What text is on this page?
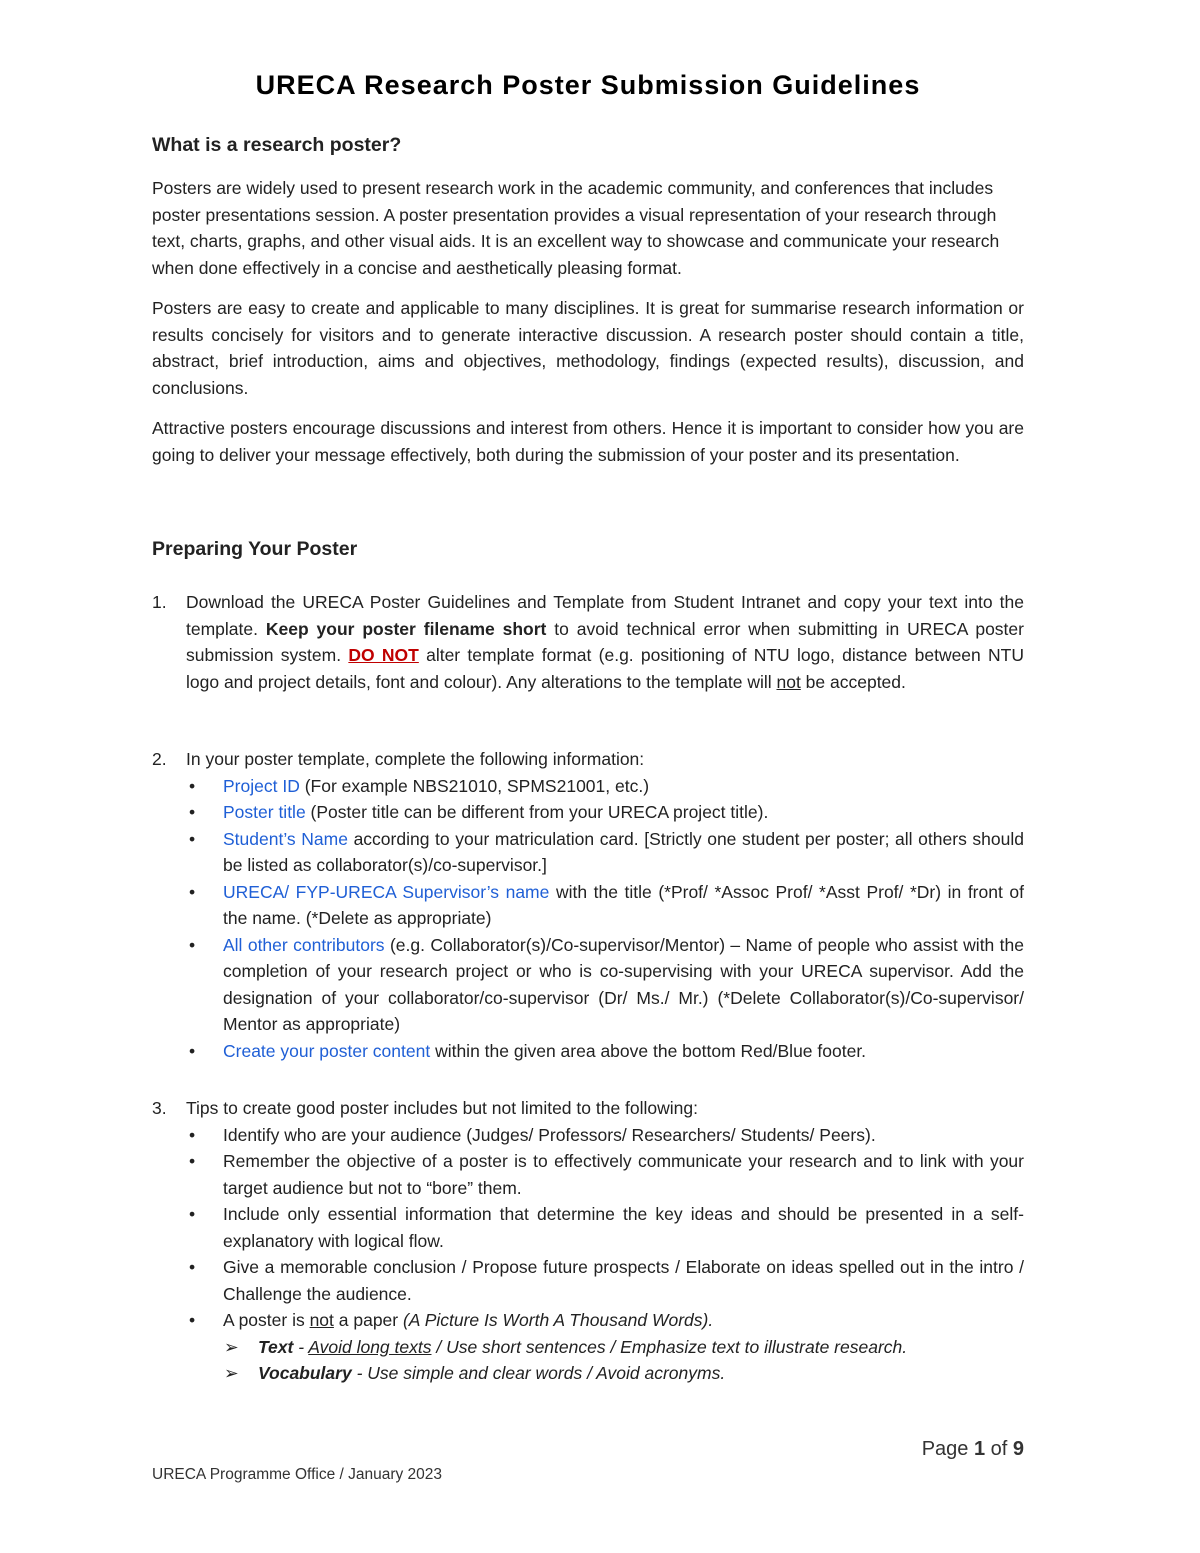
URECA Research Poster Submission Guidelines
What is a research poster?
Posters are widely used to present research work in the academic community, and conferences that includes poster presentations session. A poster presentation provides a visual representation of your research through text, charts, graphs, and other visual aids. It is an excellent way to showcase and communicate your research when done effectively in a concise and aesthetically pleasing format.
Posters are easy to create and applicable to many disciplines. It is great for summarise research information or results concisely for visitors and to generate interactive discussion. A research poster should contain a title, abstract, brief introduction, aims and objectives, methodology, findings (expected results), discussion, and conclusions.
Attractive posters encourage discussions and interest from others. Hence it is important to consider how you are going to deliver your message effectively, both during the submission of your poster and its presentation.
Preparing Your Poster
1.	Download the URECA Poster Guidelines and Template from Student Intranet and copy your text into the template. Keep your poster filename short to avoid technical error when submitting in URECA poster submission system. DO NOT alter template format (e.g. positioning of NTU logo, distance between NTU logo and project details, font and colour). Any alterations to the template will not be accepted.
2.	In your poster template, complete the following information:
• Project ID (For example NBS21010, SPMS21001, etc.)
• Poster title (Poster title can be different from your URECA project title).
• Student’s Name according to your matriculation card. [Strictly one student per poster; all others should be listed as collaborator(s)/co-supervisor.]
• URECA/ FYP-URECA Supervisor’s name with the title (*Prof/ *Assoc Prof/ *Asst Prof/ *Dr) in front of the name. (*Delete as appropriate)
• All other contributors (e.g. Collaborator(s)/Co-supervisor/Mentor) – Name of people who assist with the completion of your research project or who is co-supervising with your URECA supervisor. Add the designation of your collaborator/co-supervisor (Dr/ Ms./ Mr.) (*Delete Collaborator(s)/Co-supervisor/ Mentor as appropriate)
• Create your poster content within the given area above the bottom Red/Blue footer.
3.	Tips to create good poster includes but not limited to the following:
• Identify who are your audience (Judges/ Professors/ Researchers/ Students/ Peers).
• Remember the objective of a poster is to effectively communicate your research and to link with your target audience but not to “bore” them.
• Include only essential information that determine the key ideas and should be presented in a self-explanatory with logical flow.
• Give a memorable conclusion / Propose future prospects / Elaborate on ideas spelled out in the intro / Challenge the audience.
• A poster is not a paper (A Picture Is Worth A Thousand Words).
➢ Text - Avoid long texts / Use short sentences / Emphasize text to illustrate research.
➢ Vocabulary - Use simple and clear words / Avoid acronyms.
Page 1 of 9
URECA Programme Office / January 2023
